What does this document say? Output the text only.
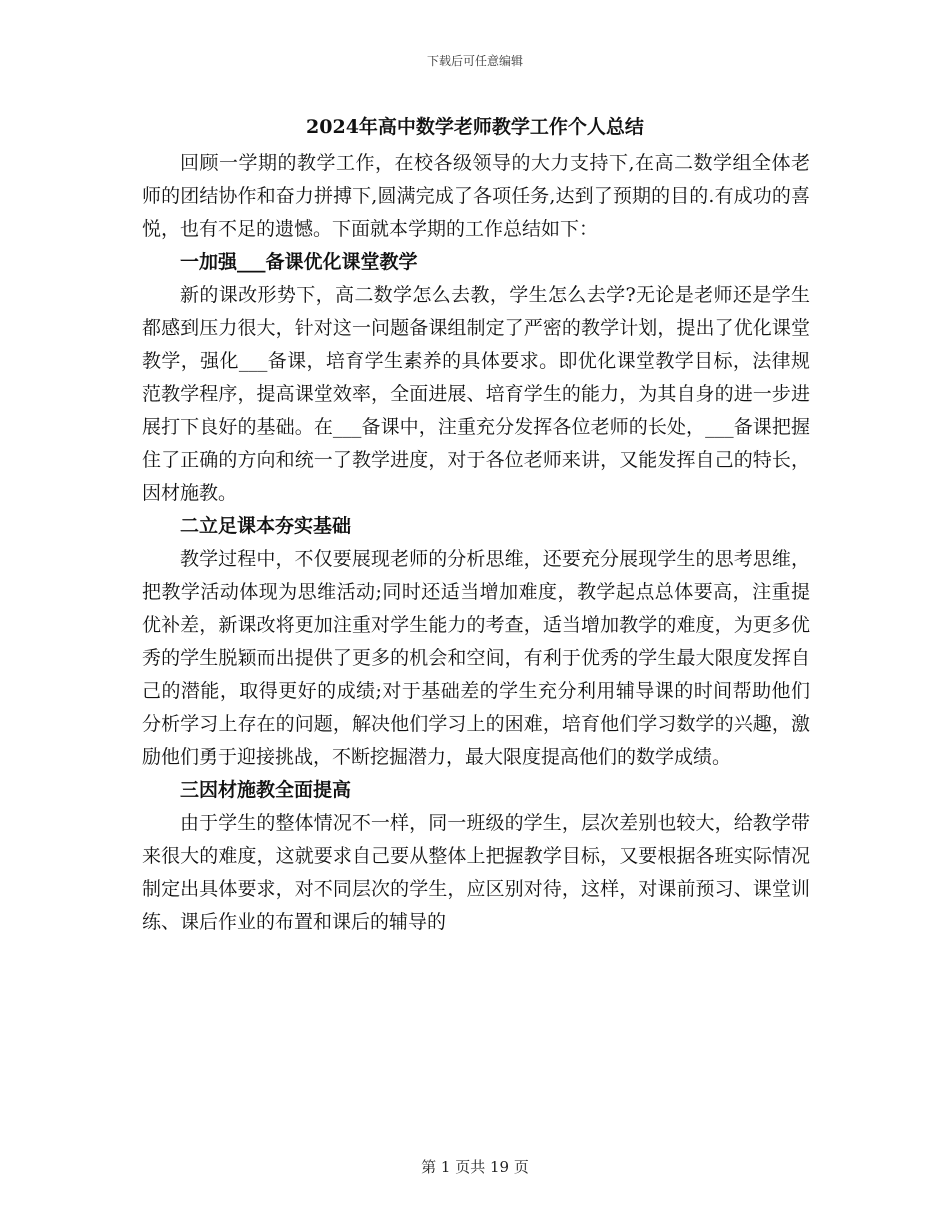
下载后可任意编辑
2024年高中数学老师教学工作个人总结

回顾一学期的教学工作，在校各级领导的大力支持下,在高二数学组全体老师的团结协作和奋力拼搏下,圆满完成了各项任务,达到了预期的目的.有成功的喜悦，也有不足的遗憾。下面就本学期的工作总结如下：

一加强___备课优化课堂教学

新的课改形势下，高二数学怎么去教，学生怎么去学?无论是老师还是学生都感到压力很大，针对这一问题备课组制定了严密的教学计划，提出了优化课堂教学，强化___备课，培育学生素养的具体要求。即优化课堂教学目标，法律规范教学程序，提高课堂效率，全面进展、培育学生的能力，为其自身的进一步进展打下良好的基础。在___备课中，注重充分发挥各位老师的长处，___备课把握住了正确的方向和统一了教学进度，对于各位老师来讲，又能发挥自己的特长，因材施教。

二立足课本夯实基础

教学过程中，不仅要展现老师的分析思维，还要充分展现学生的思考思维，把教学活动体现为思维活动;同时还适当增加难度，教学起点总体要高，注重提优补差，新课改将更加注重对学生能力的考查，适当增加教学的难度，为更多优秀的学生脱颖而出提供了更多的机会和空间，有利于优秀的学生最大限度发挥自己的潜能，取得更好的成绩;对于基础差的学生充分利用辅导课的时间帮助他们分析学习上存在的问题，解决他们学习上的困难，培育他们学习数学的兴趣，激励他们勇于迎接挑战，不断挖掘潜力，最大限度提高他们的数学成绩。

三因材施教全面提高

由于学生的整体情况不一样，同一班级的学生，层次差别也较大，给教学带来很大的难度，这就要求自己要从整体上把握教学目标，又要根据各班实际情况制定出具体要求，对不同层次的学生，应区别对待，这样，对课前预习、课堂训练、课后作业的布置和课后的辅导的

第 1 页共 19 页
